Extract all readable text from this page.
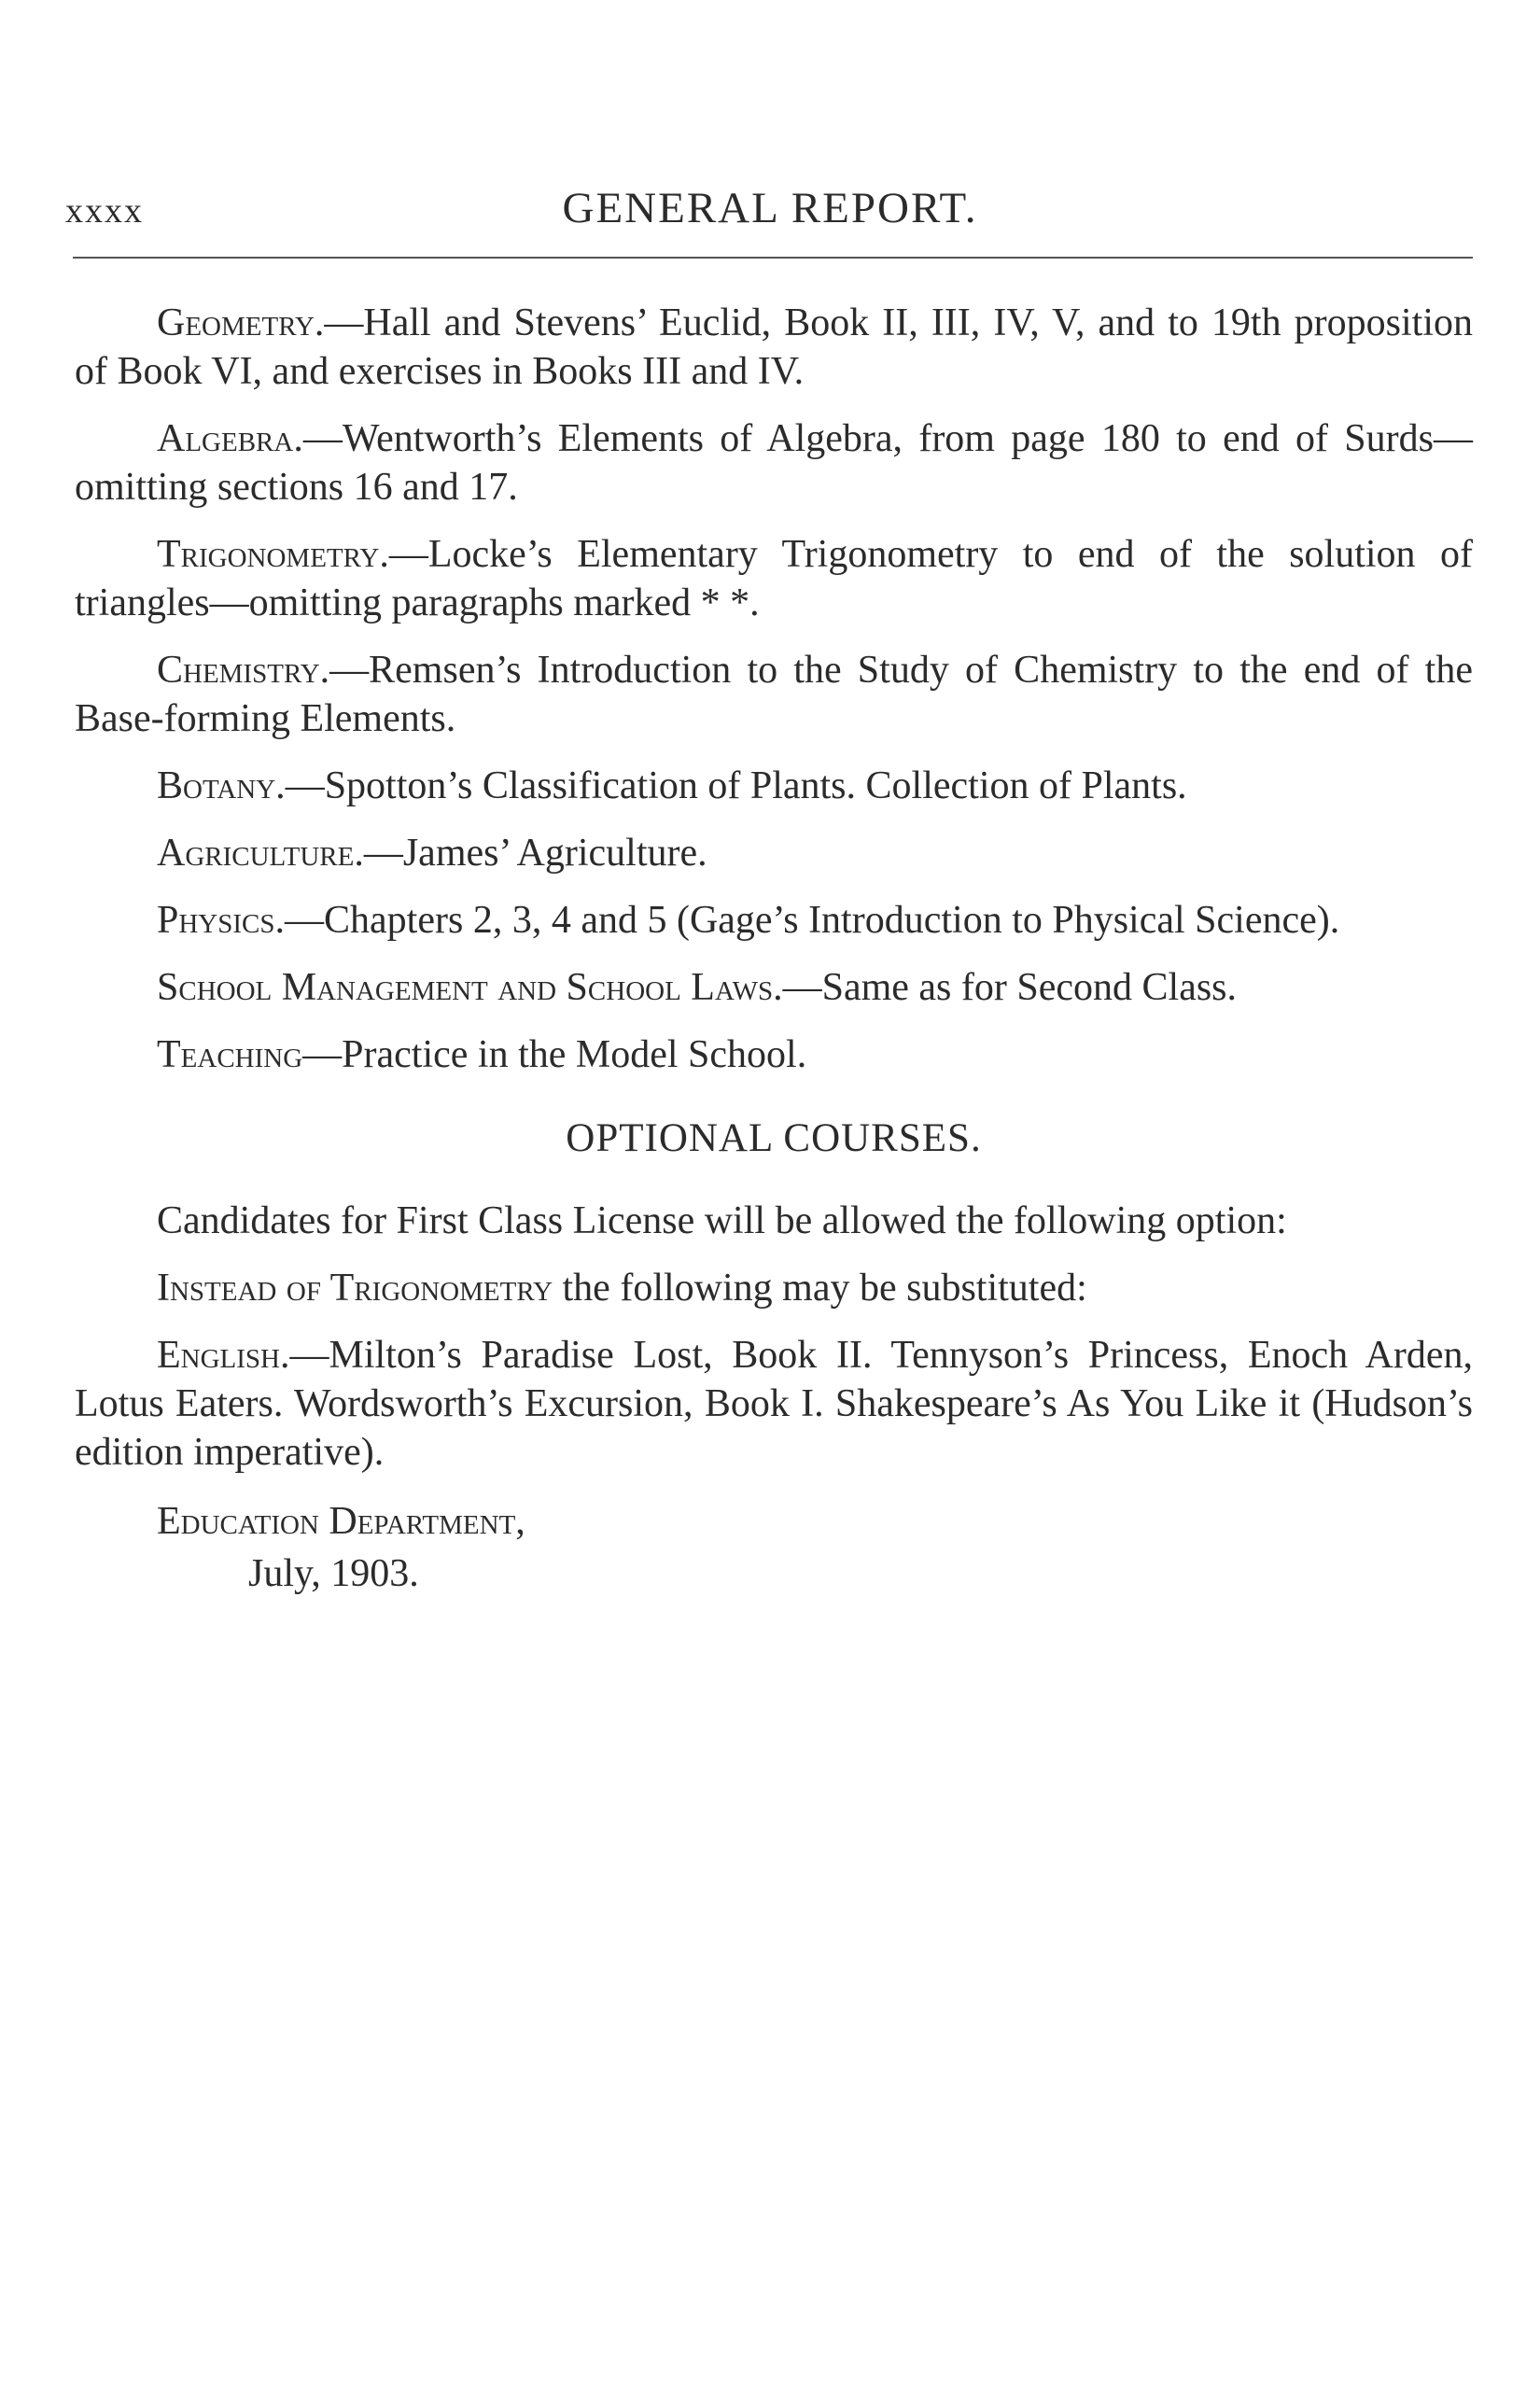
xxxx	GENERAL REPORT.

Geometry.—Hall and Stevens’ Euclid, Book II, III, IV, V, and to 19th proposition of Book VI, and exercises in Books III and IV.

Algebra.—Wentworth’s Elements of Algebra, from page 180 to end of Surds—omitting sections 16 and 17.

Trigonometry.—Locke’s Elementary Trigonometry to end of the solution of triangles—omitting paragraphs marked * *.

Chemistry.—Remsen’s Introduction to the Study of Chemistry to the end of the Base-forming Elements.

Botany.—Spotton’s Classification of Plants. Collection of Plants.

Agriculture.—James’ Agriculture.

Physics.—Chapters 2, 3, 4 and 5 (Gage’s Introduction to Physical Science).

School Management and School Laws.—Same as for Second Class.

Teaching—Practice in the Model School.

OPTIONAL COURSES.

Candidates for First Class License will be allowed the following option:

Instead of Trigonometry the following may be substituted:

English.—Milton’s Paradise Lost, Book II. Tennyson’s Princess, Enoch Arden, Lotus Eaters. Wordsworth’s Excursion, Book I. Shakespeare’s As You Like it (Hudson’s edition imperative).

Education Department,

July, 1903.
